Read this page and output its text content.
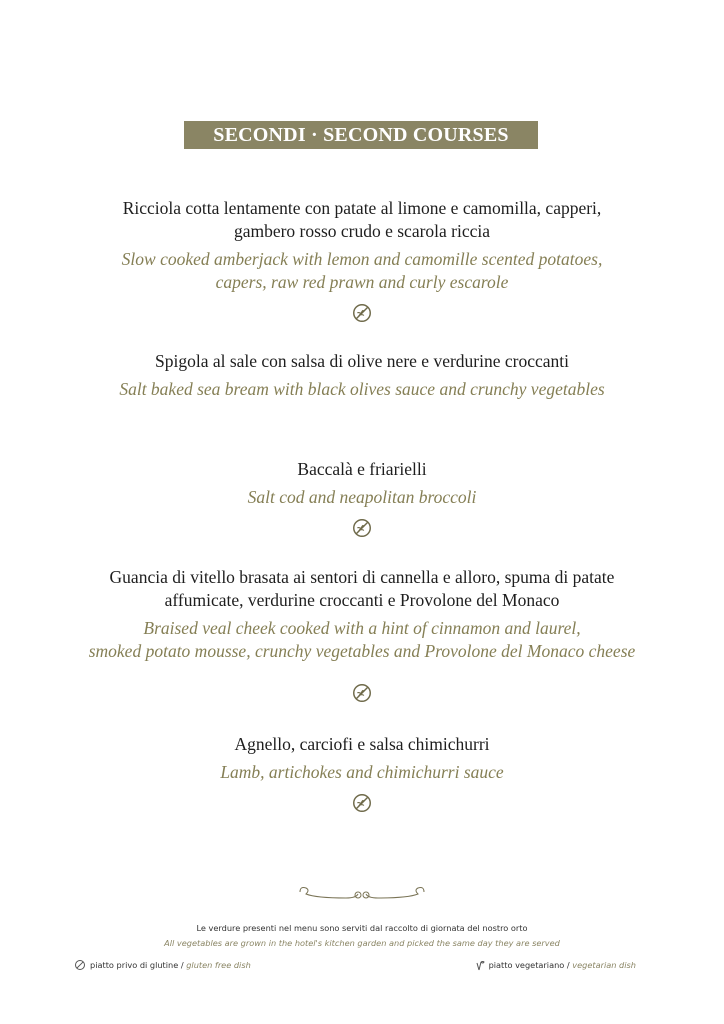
SECONDI · SECOND COURSES
Ricciola cotta lentamente con patate al limone e camomilla, capperi,
gambero rosso crudo e scarola riccia
Slow cooked amberjack with lemon and camomille scented potatoes,
capers, raw red prawn and curly escarole
Spigola al sale con salsa di olive nere e verdurine croccanti
Salt baked sea bream with black olives sauce and crunchy vegetables
Baccalà e friarielli
Salt cod and neapolitan broccoli
Guancia di vitello brasata ai sentori di cannella e alloro, spuma di patate
affumicate, verdurine croccanti e Provolone del Monaco
Braised veal cheek cooked with a hint of cinnamon and laurel,
smoked potato mousse, crunchy vegetables and Provolone del Monaco cheese
Agnello, carciofi e salsa chimichurri
Lamb, artichokes and chimichurri sauce
Le verdure presenti nel menu sono serviti dal raccolto di giornata del nostro orto
All vegetables are grown in the hotel's kitchen garden and picked the same day they are served
piatto privo di glutine /
gluten free dish	piatto vegetariano /
vegetarian dish
